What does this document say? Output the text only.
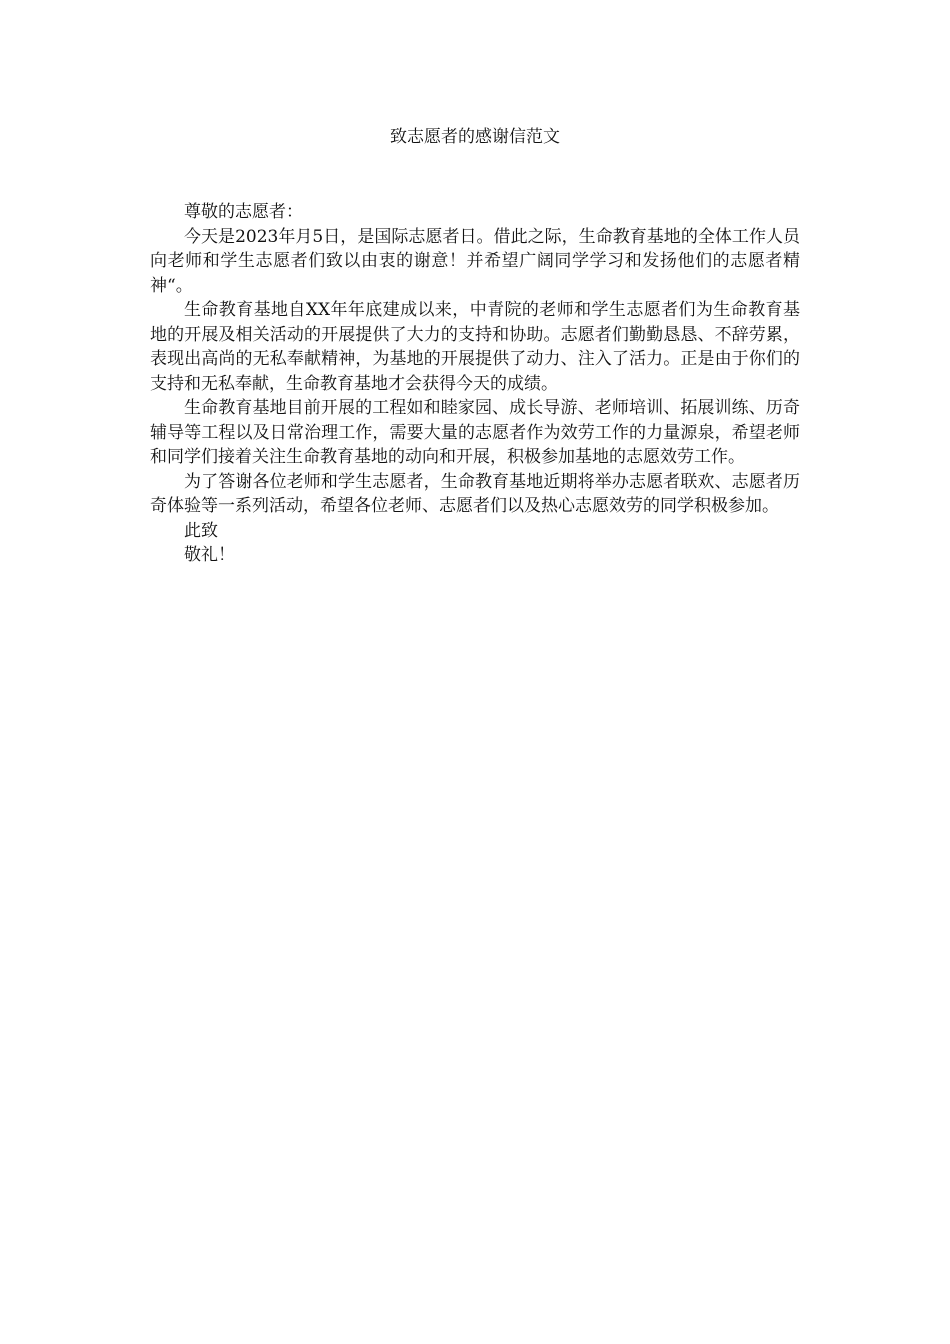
致志愿者的感谢信范文

尊敬的志愿者：

今天是2023年月5日，是国际志愿者日。借此之际，生命教育基地的全体工作人员向老师和学生志愿者们致以由衷的谢意！并希望广阔同学学习和发扬他们的志愿者精神“。

生命教育基地自XX年年底建成以来，中青院的老师和学生志愿者们为生命教育基地的开展及相关活动的开展提供了大力的支持和协助。志愿者们勤勤恳恳、不辞劳累，表现出高尚的无私奉献精神，为基地的开展提供了动力、注入了活力。正是由于你们的支持和无私奉献，生命教育基地才会获得今天的成绩。

生命教育基地目前开展的工程如和睦家园、成长导游、老师培训、拓展训练、历奇辅导等工程以及日常治理工作，需要大量的志愿者作为效劳工作的力量源泉，希望老师和同学们接着关注生命教育基地的动向和开展，积极参加基地的志愿效劳工作。

为了答谢各位老师和学生志愿者，生命教育基地近期将举办志愿者联欢、志愿者历奇体验等一系列活动，希望各位老师、志愿者们以及热心志愿效劳的同学积极参加。

此致

敬礼！
